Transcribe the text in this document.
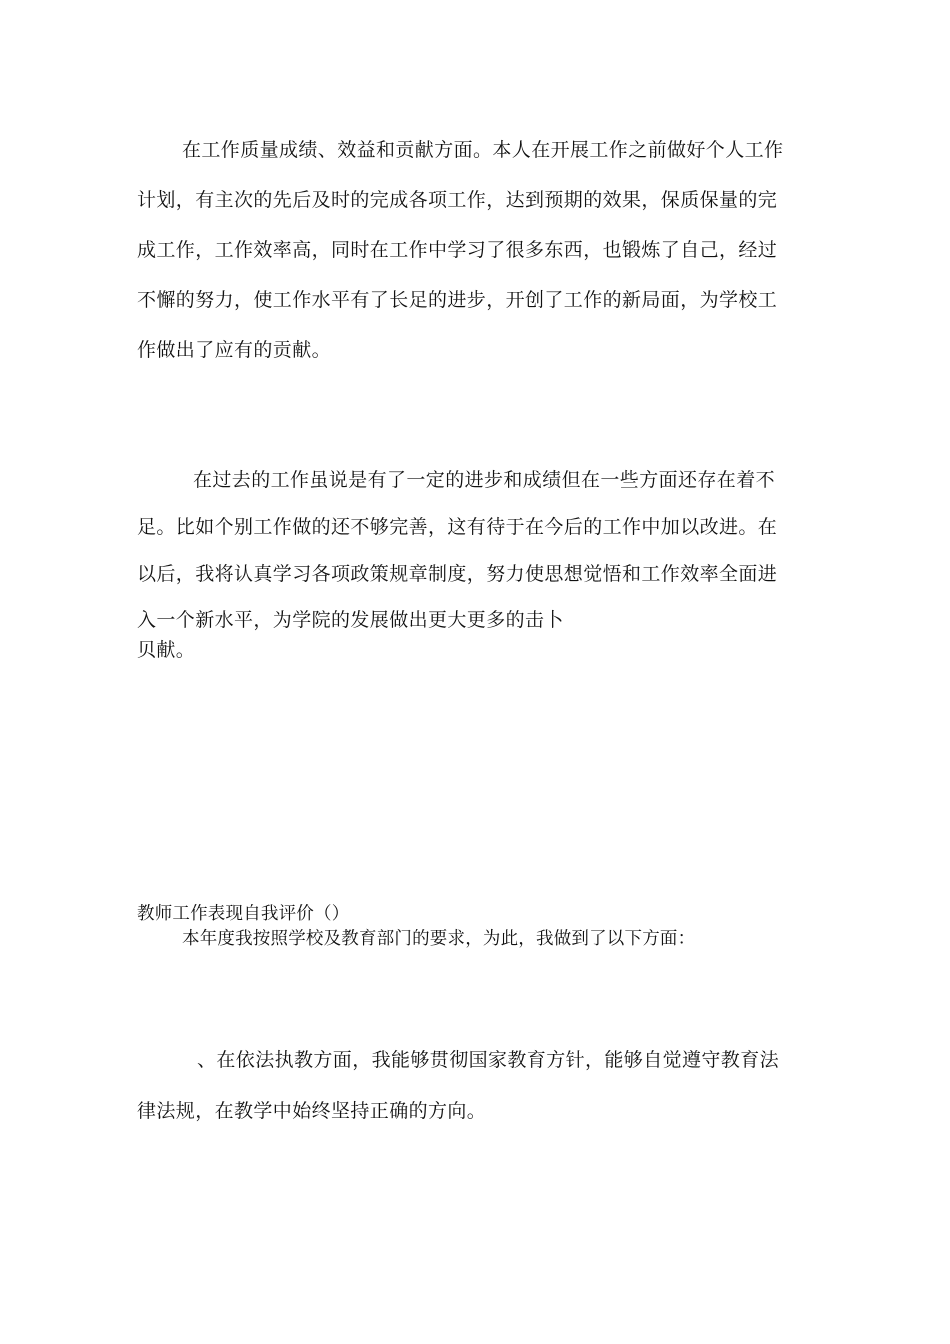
在工作质量成绩、效益和贡献方面。本人在开展工作之前做好个人工作
计划，有主次的先后及时的完成各项工作，达到预期的效果，保质保量的完
成工作，工作效率高，同时在工作中学习了很多东西，也锻炼了自己，经过
不懈的努力，使工作水平有了长足的进步，开创了工作的新局面，为学校工
作做出了应有的贡献。
在过去的工作虽说是有了一定的进步和成绩但在一些方面还存在着不
足。比如个别工作做的还不够完善，这有待于在今后的工作中加以改进。在
以后，我将认真学习各项政策规章制度，努力使思想觉悟和工作效率全面进
入一个新水平，为学院的发展做出更大更多的击卜
贝献。
教师工作表现自我评价（）
本年度我按照学校及教育部门的要求，为此，我做到了以下方面：
、在依法执教方面，我能够贯彻国家教育方针，能够自觉遵守教育法
律法规，在教学中始终坚持正确的方向。
